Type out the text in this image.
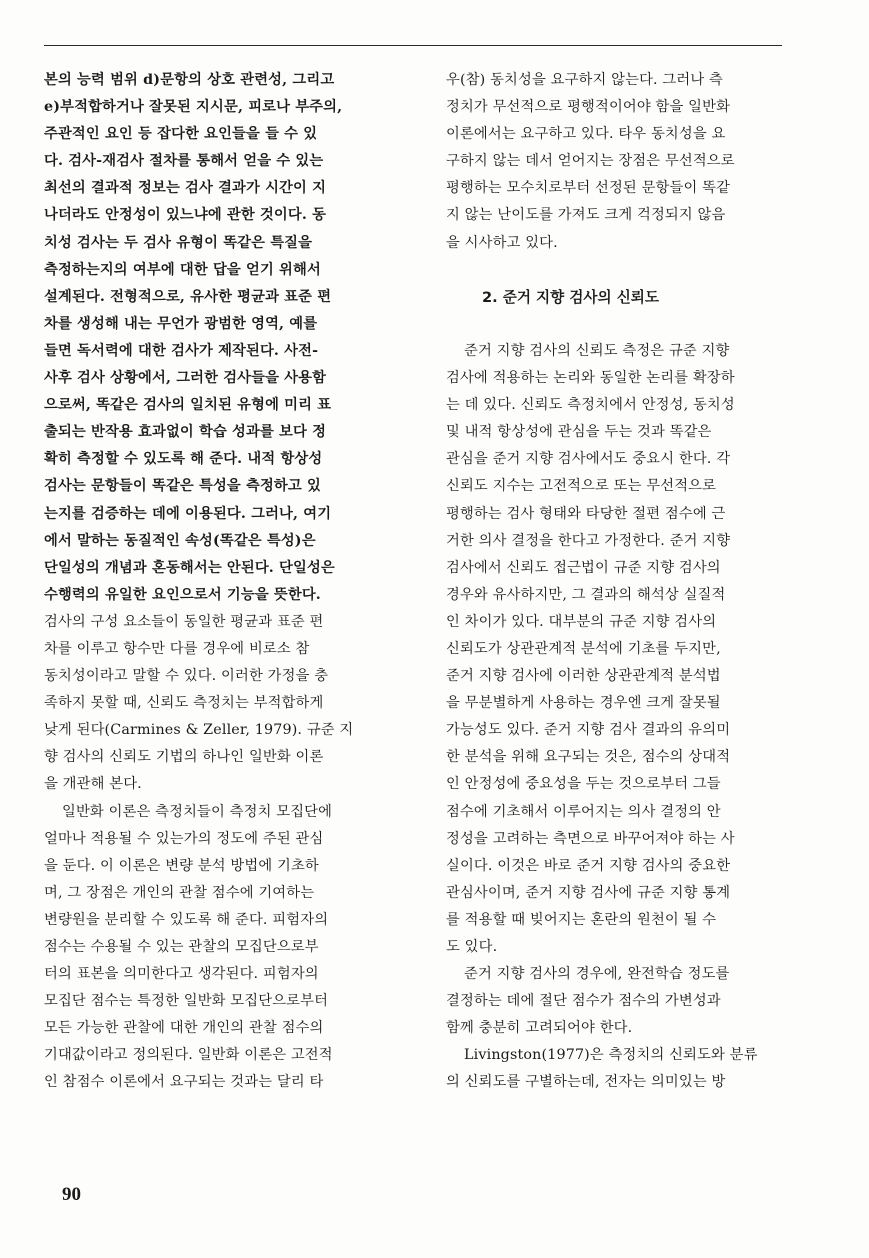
본의 능력 범위 d)문항의 상호 관련성, 그리고
e)부적합하거나 잘못된 지시문, 피로나 부주의,
주관적인 요인 등 잡다한 요인들을 들 수 있
다. 검사-재검사 절차를 통해서 얻을 수 있는
최선의 결과적 정보는 검사 결과가 시간이 지
나더라도 안정성이 있느냐에 관한 것이다. 동
치성 검사는 두 검사 유형이 똑같은 특질을
측정하는지의 여부에 대한 답을 얻기 위해서
설계된다. 전형적으로, 유사한 평균과 표준 편
차를 생성해 내는 무언가 광범한 영역, 예를
들면 독서력에 대한 검사가 제작된다. 사전-
사후 검사 상황에서, 그러한 검사들을 사용함
으로써, 똑같은 검사의 일치된 유형에 미리 표
출되는 반작용 효과없이 학습 성과를 보다 정
확히 측정할 수 있도록 해 준다. 내적 항상성
검사는 문항들이 똑같은 특성을 측정하고 있
는지를 검증하는 데에 이용된다. 그러나, 여기
에서 말하는 동질적인 속성(똑같은 특성)은
단일성의 개념과 혼동해서는 안된다. 단일성은
수행력의 유일한 요인으로서 기능을 뜻한다.
검사의 구성 요소들이 동일한 평균과 표준 편
차를 이루고 항수만 다를 경우에 비로소 참
동치성이라고 말할 수 있다. 이러한 가정을 충
족하지 못할 때, 신뢰도 측정치는 부적합하게
낮게 된다(Carmines & Zeller, 1979). 규준 지
향 검사의 신뢰도 기법의 하나인 일반화 이론
을 개관해 본다.
일반화 이론은 측정치들이 측정치 모집단에
얼마나 적용될 수 있는가의 정도에 주된 관심
을 둔다. 이 이론은 변량 분석 방법에 기초하
며, 그 장점은 개인의 관찰 점수에 기여하는
변량원을 분리할 수 있도록 해 준다. 피험자의
점수는 수용될 수 있는 관찰의 모집단으로부
터의 표본을 의미한다고 생각된다. 피험자의
모집단 점수는 특정한 일반화 모집단으로부터
모든 가능한 관찰에 대한 개인의 관찰 점수의
기대값이라고 정의된다. 일반화 이론은 고전적
인 참점수 이론에서 요구되는 것과는 달리 타
우(참) 동치성을 요구하지 않는다. 그러나 측
정치가 무선적으로 평행적이어야 함을 일반화
이론에서는 요구하고 있다. 타우 동치성을 요
구하지 않는 데서 얻어지는 장점은 무선적으로
평행하는 모수치로부터 선정된 문항들이 똑같
지 않는 난이도를 가져도 크게 걱정되지 않음
을 시사하고 있다.
2. 준거 지향 검사의 신뢰도
준거 지향 검사의 신뢰도 측정은 규준 지향
검사에 적용하는 논리와 동일한 논리를 확장하
는 데 있다. 신뢰도 측정치에서 안정성, 동치성
및 내적 항상성에 관심을 두는 것과 똑같은
관심을 준거 지향 검사에서도 중요시 한다. 각
신뢰도 지수는 고전적으로 또는 무선적으로
평행하는 검사 형태와 타당한 절편 점수에 근
거한 의사 결정을 한다고 가정한다. 준거 지향
검사에서 신뢰도 접근법이 규준 지향 검사의
경우와 유사하지만, 그 결과의 해석상 실질적
인 차이가 있다. 대부분의 규준 지향 검사의
신뢰도가 상관관계적 분석에 기초를 두지만,
준거 지향 검사에 이러한 상관관계적 분석법
을 무분별하게 사용하는 경우엔 크게 잘못될
가능성도 있다. 준거 지향 검사 결과의 유의미
한 분석을 위해 요구되는 것은, 점수의 상대적
인 안정성에 중요성을 두는 것으로부터 그들
점수에 기초해서 이루어지는 의사 결정의 안
정성을 고려하는 측면으로 바꾸어져야 하는 사
실이다. 이것은 바로 준거 지향 검사의 중요한
관심사이며, 준거 지향 검사에 규준 지향 통계
를 적용할 때 빚어지는 혼란의 원천이 될 수
도 있다.
준거 지향 검사의 경우에, 완전학습 정도를
결정하는 데에 절단 점수가 점수의 가변성과
함께 충분히 고려되어야 한다.
Livingston(1977)은 측정치의 신뢰도와 분류
의 신뢰도를 구별하는데, 전자는 의미있는 방
90
